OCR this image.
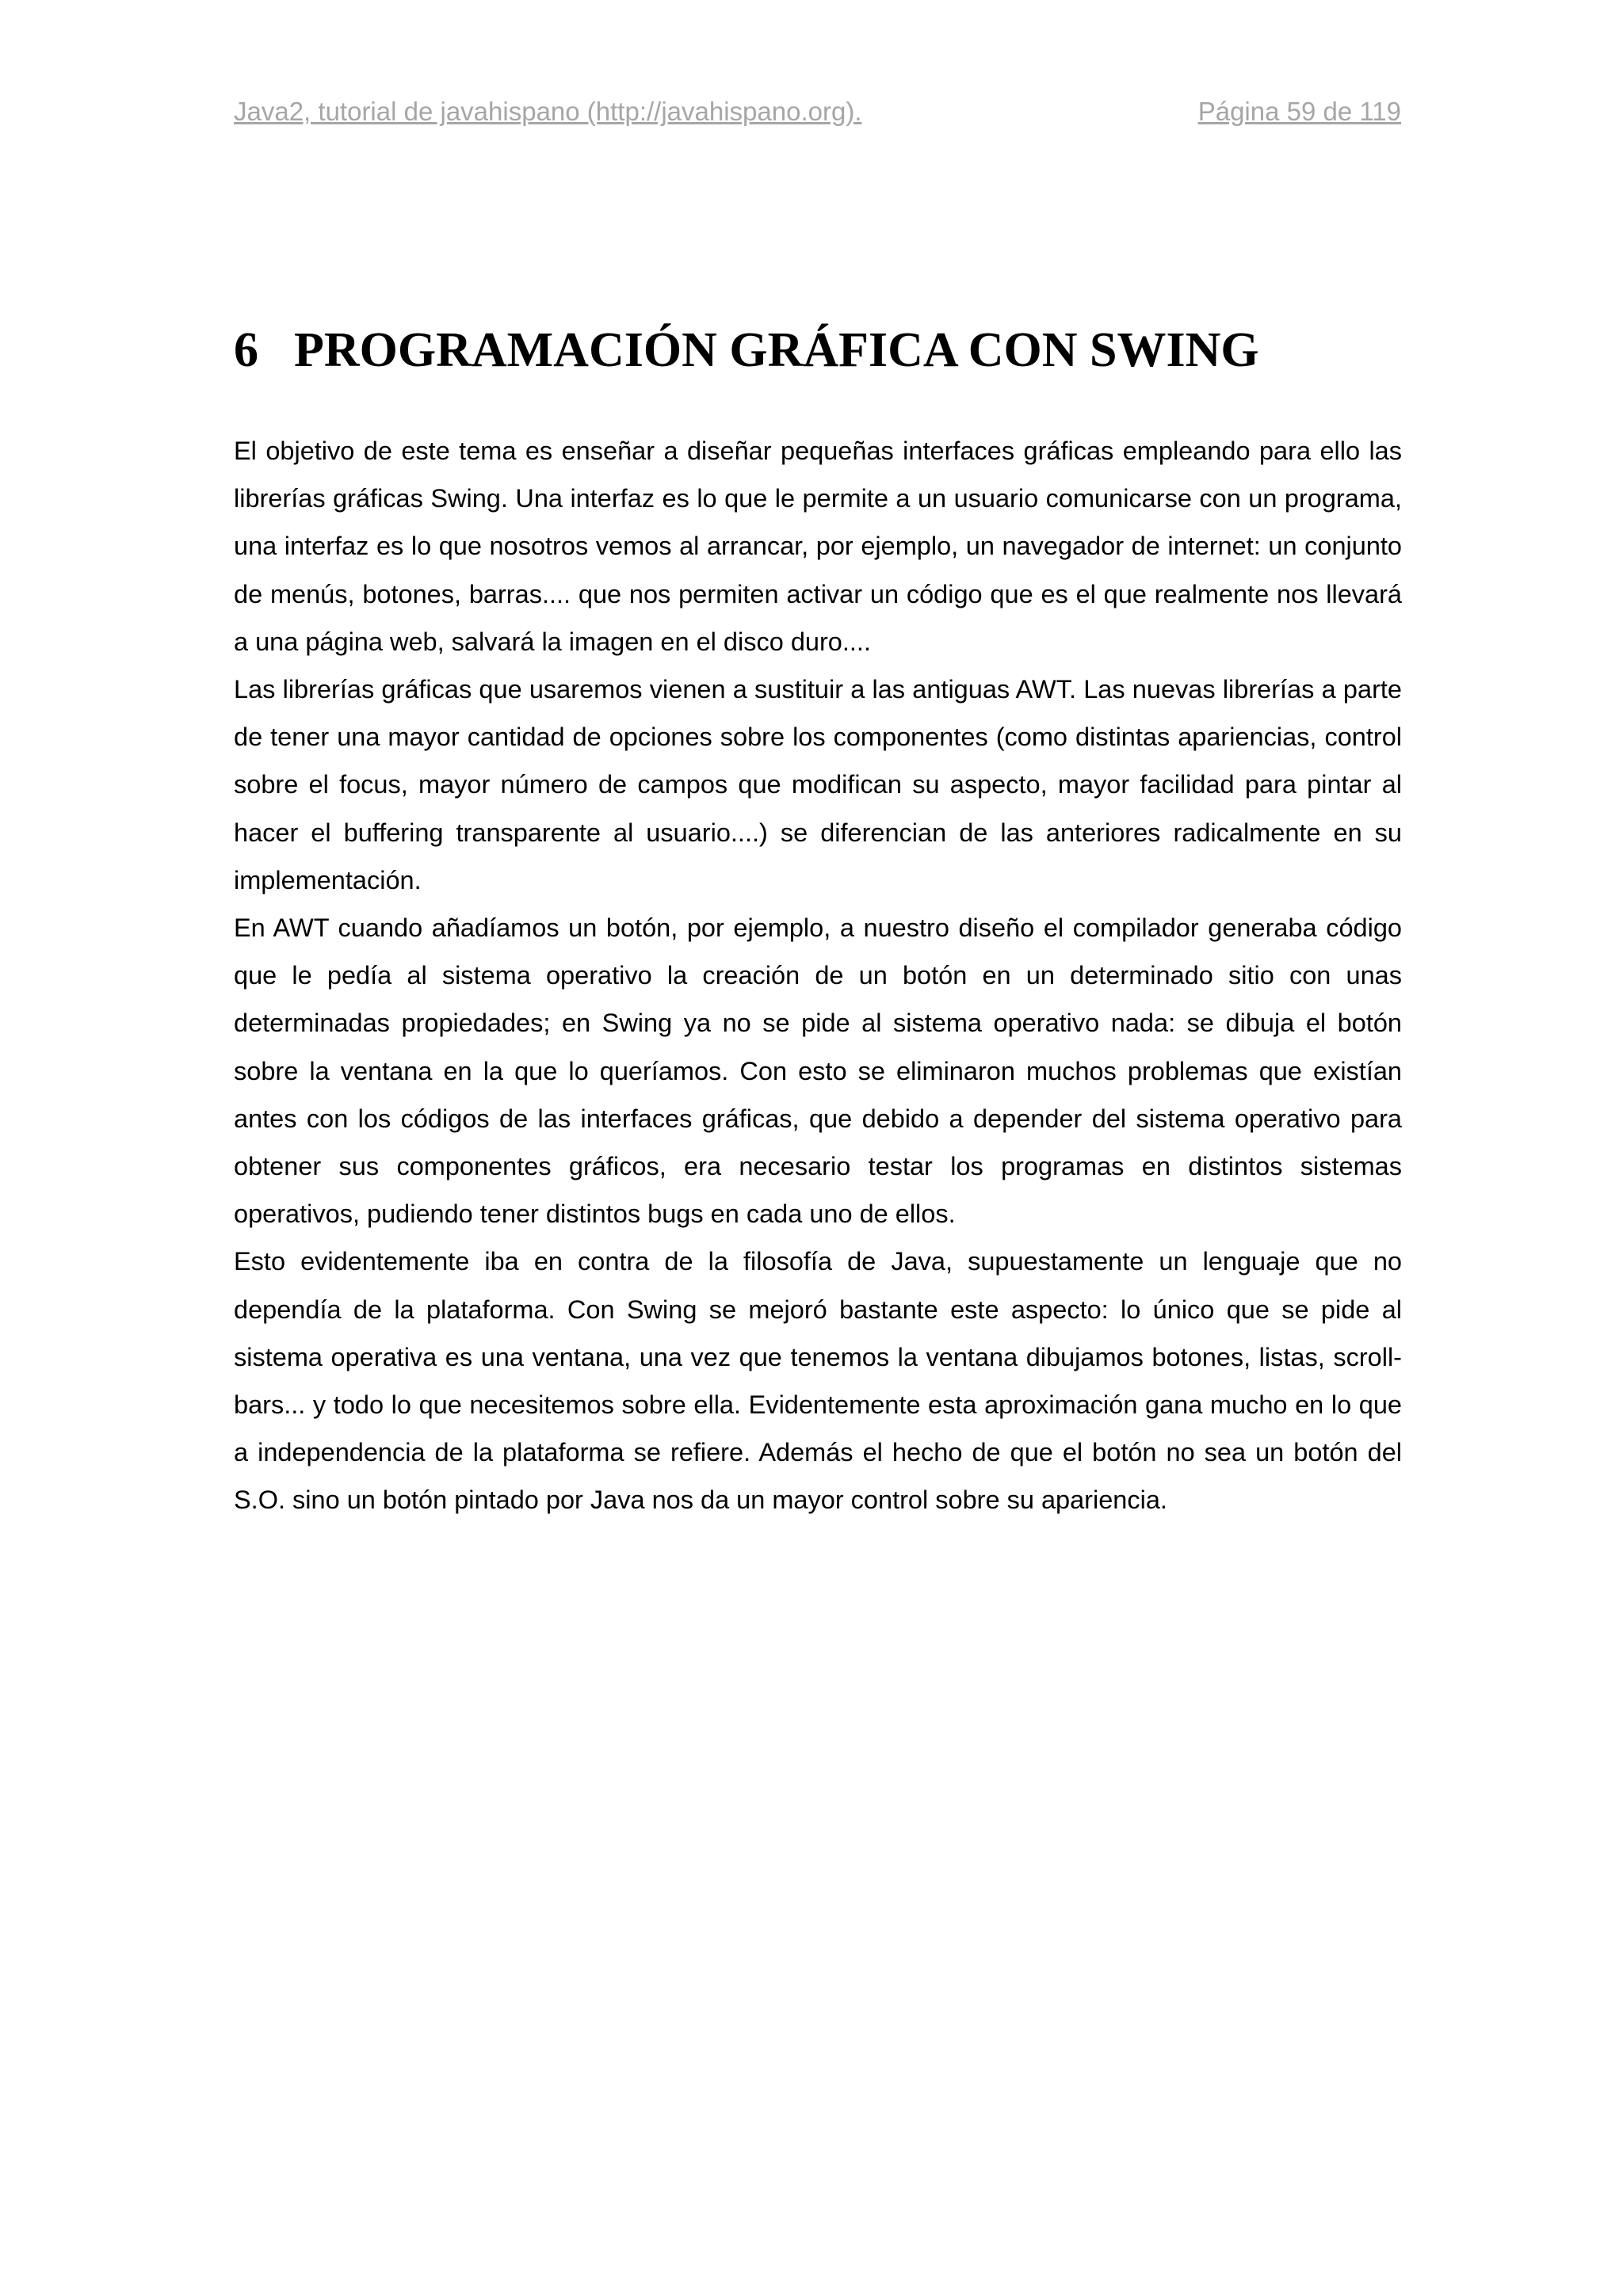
Java2, tutorial de javahispano (http://javahispano.org).	Página 59 de 119
6 PROGRAMACIÓN GRÁFICA CON SWING

El objetivo de este tema es enseñar a diseñar pequeñas interfaces gráficas empleando para ello las librerías gráficas Swing. Una interfaz es lo que le permite a un usuario comunicarse con un programa, una interfaz es lo que nosotros vemos al arrancar, por ejemplo, un navegador de internet: un conjunto de menús, botones, barras.... que nos permiten activar un código que es el que realmente nos llevará a una página web, salvará la imagen en el disco duro....

Las librerías gráficas que usaremos vienen a sustituir a las antiguas AWT. Las nuevas librerías a parte de tener una mayor cantidad de opciones sobre los componentes (como distintas apariencias, control sobre el focus, mayor número de campos que modifican su aspecto, mayor facilidad para pintar al hacer el buffering transparente al usuario....) se diferencian de las anteriores radicalmente en su implementación.

En AWT cuando añadíamos un botón, por ejemplo, a nuestro diseño el compilador generaba código que le pedía al sistema operativo la creación de un botón en un determinado sitio con unas determinadas propiedades; en Swing ya no se pide al sistema operativo nada: se dibuja el botón sobre la ventana en la que lo queríamos. Con esto se eliminaron muchos problemas que existían antes con los códigos de las interfaces gráficas, que debido a depender del sistema operativo para obtener sus componentes gráficos, era necesario testar los programas en distintos sistemas operativos, pudiendo tener distintos bugs en cada uno de ellos.

Esto evidentemente iba en contra de la filosofía de Java, supuestamente un lenguaje que no dependía de la plataforma. Con Swing se mejoró bastante este aspecto: lo único que se pide al sistema operativa es una ventana, una vez que tenemos la ventana dibujamos botones, listas, scroll-bars... y todo lo que necesitemos sobre ella. Evidentemente esta aproximación gana mucho en lo que a independencia de la plataforma se refiere. Además el hecho de que el botón no sea un botón del S.O. sino un botón pintado por Java nos da un mayor control sobre su apariencia.
